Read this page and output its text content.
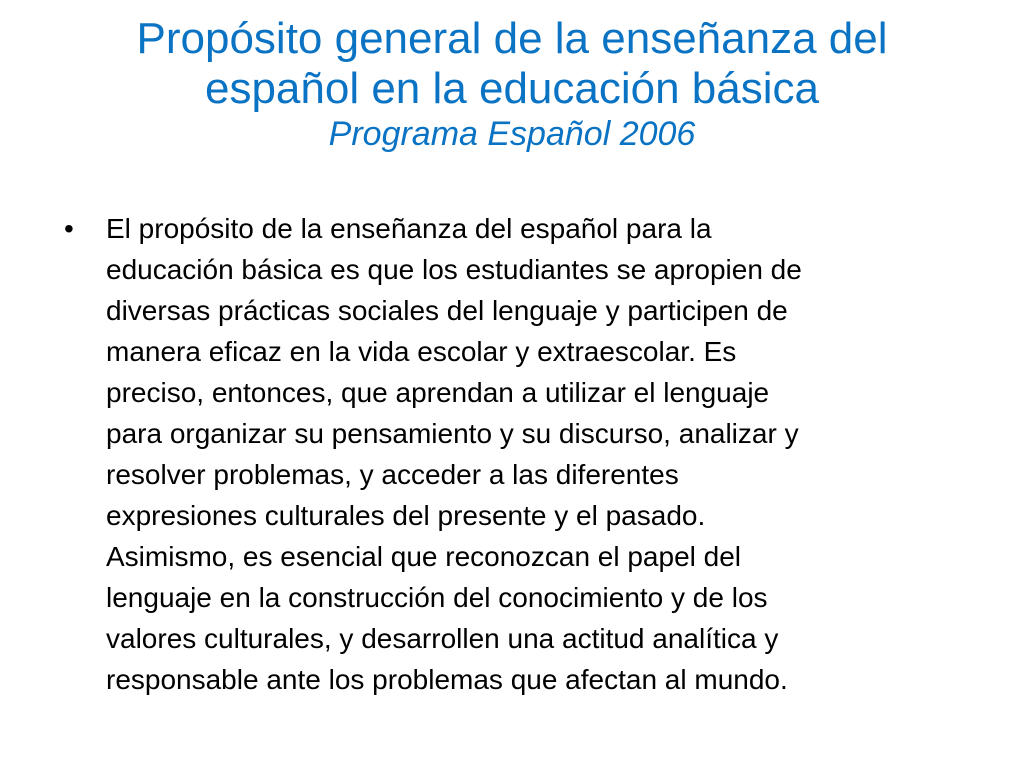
Propósito general de la enseñanza del
español en la educación básica
Programa Español 2006
•	El propósito de la enseñanza del español para la
educación básica es que los estudiantes se apropien de
diversas prácticas sociales del lenguaje y participen de
manera eficaz en la vida escolar y extraescolar. Es
preciso, entonces, que aprendan a utilizar el lenguaje
para organizar su pensamiento y su discurso, analizar y
resolver problemas, y acceder a las diferentes
expresiones culturales del presente y el pasado.
Asimismo, es esencial que reconozcan el papel del
lenguaje en la construcción del conocimiento y de los
valores culturales, y desarrollen una actitud analítica y
responsable ante los problemas que afectan al mundo.
